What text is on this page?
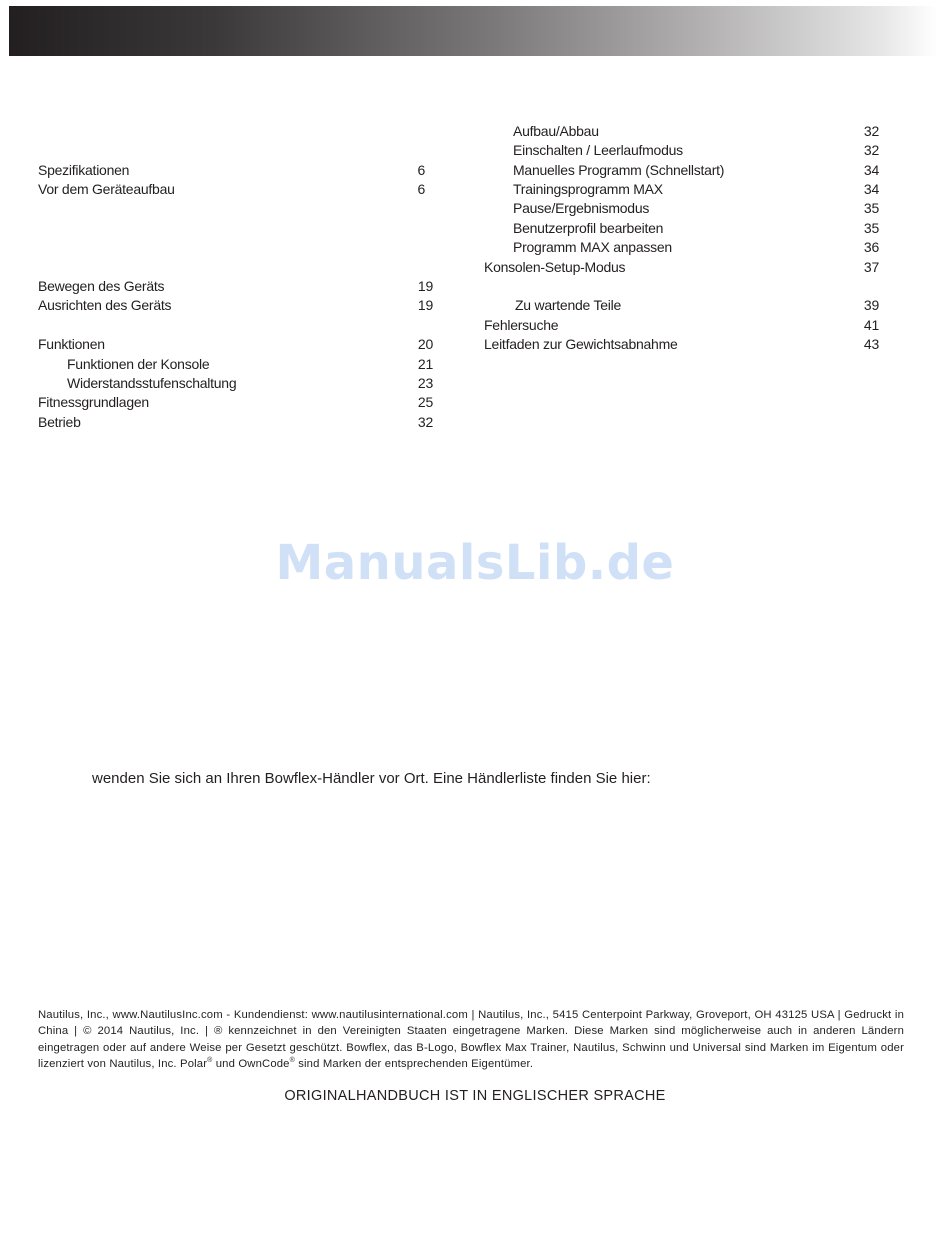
Spezifikationen	6
Vor dem Geräteaufbau	6
Bewegen des Geräts	19
Ausrichten des Geräts	19
Funktionen	20
Funktionen der Konsole	21
Widerstandsstufenschaltung	23
Fitnessgrundlagen	25
Betrieb	32
Aufbau/Abbau	32
Einschalten / Leerlaufmodus	32
Manuelles Programm (Schnellstart)	34
Trainingsprogramm MAX	34
Pause/Ergebnismodus	35
Benutzerprofil bearbeiten	35
Programm MAX anpassen	36
Konsolen-Setup-Modus	37
Zu wartende Teile	39
Fehlersuche	41
Leitfaden zur Gewichtsabnahme	43
ManualsLib.de
wenden Sie sich an Ihren Bowflex-Händler vor Ort. Eine Händlerliste finden Sie hier:
Nautilus, Inc., www.NautilusInc.com - Kundendienst: www.nautilusinternational.com | Nautilus, Inc., 5415 Centerpoint Parkway, Groveport, OH 43125 USA | Gedruckt in China | © 2014 Nautilus, Inc. | ® kennzeichnet in den Vereinigten Staaten eingetragene Marken. Diese Marken sind möglicherweise auch in anderen Ländern eingetragen oder auf andere Weise per Gesetzt geschützt. Bowflex, das B-Logo, Bowflex Max Trainer, Nautilus, Schwinn und Universal sind Marken im Eigentum oder lizenziert von Nautilus, Inc. Polar® und OwnCode® sind Marken der entsprechenden Eigentümer.
ORIGINALHANDBUCH IST IN ENGLISCHER SPRACHE
